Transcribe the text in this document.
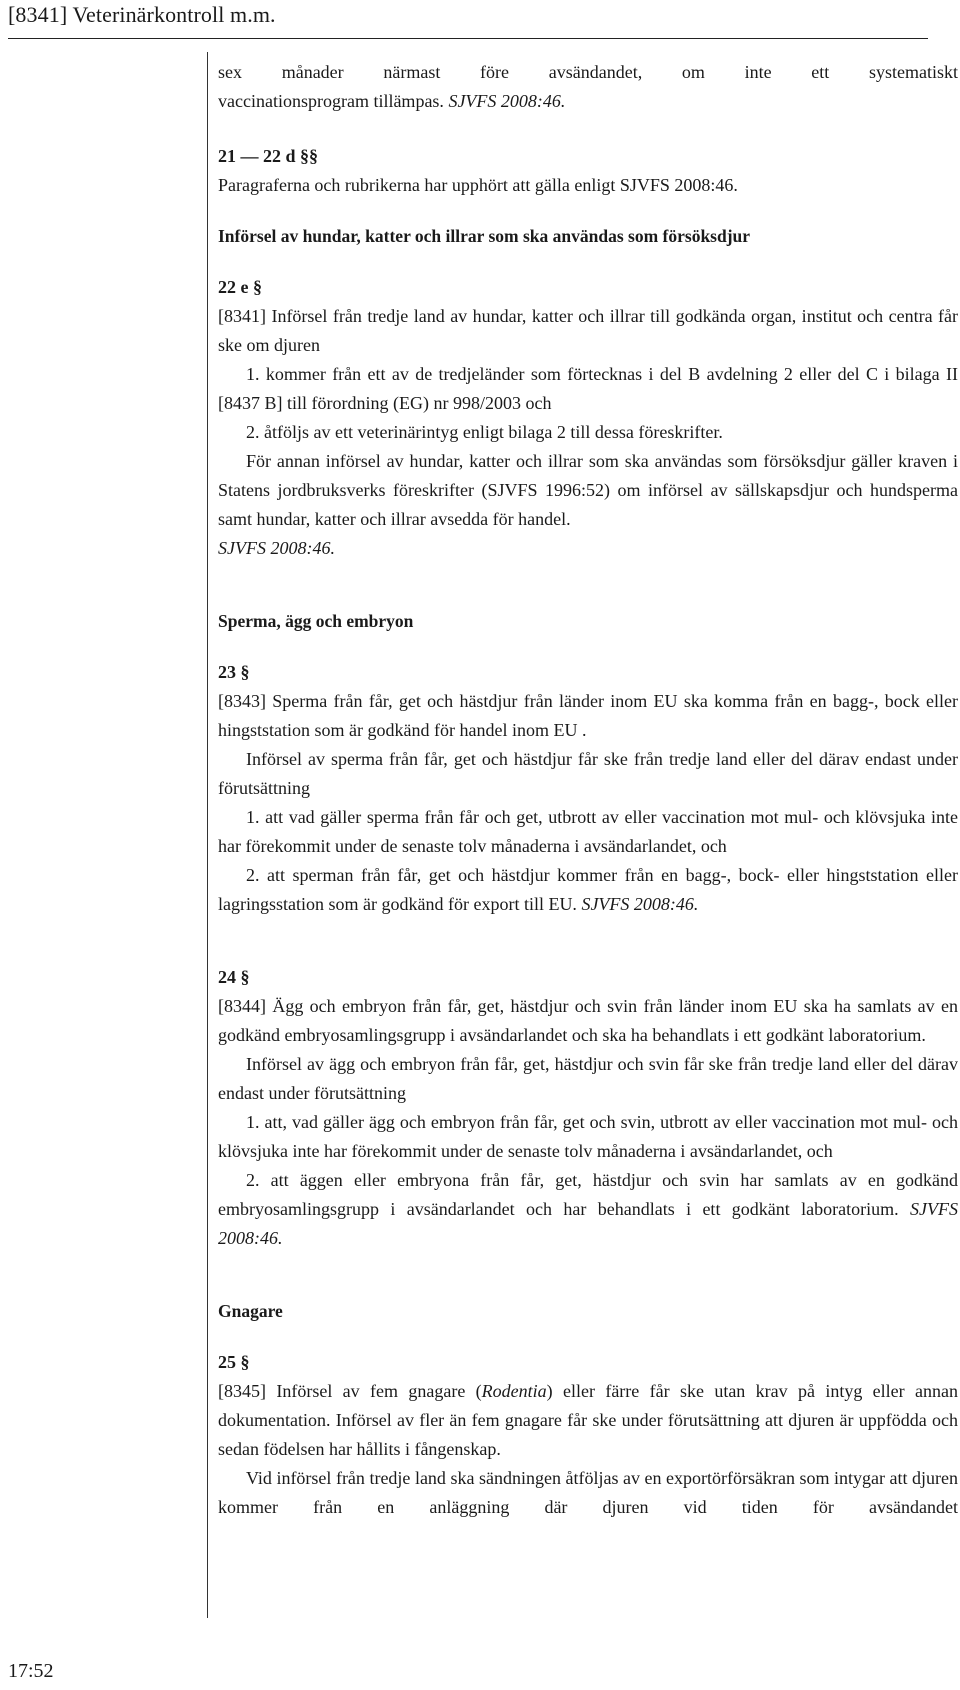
[8341] Veterinärkontroll m.m.

sex månader närmast före avsändandet, om inte ett systematiskt

vaccinationsprogram tillämpas. SJVFS 2008:46.

21 — 22 d §§

Paragraferna och rubrikerna har upphört att gälla enligt SJVFS 2008:46.

Införsel av hundar, katter och illrar som ska användas som försöksdjur

22 e §

[8341] Införsel från tredje land av hundar, katter och illrar till godkända organ, institut och centra får ske om djuren

1. kommer från ett av de tredjeländer som förtecknas i del B avdelning 2 eller del C i bilaga II [8437 B] till förordning (EG) nr 998/2003 och

2. åtföljs av ett veterinärintyg enligt bilaga 2 till dessa föreskrifter.

För annan införsel av hundar, katter och illrar som ska användas som försöksdjur gäller kraven i Statens jordbruksverks föreskrifter (SJVFS 1996:52) om införsel av sällskapsdjur och hundsperma samt hundar, katter och illrar avsedda för handel.

SJVFS 2008:46.

Sperma, ägg och embryon

23 §

[8343] Sperma från får, get och hästdjur från länder inom EU ska komma från en bagg-, bock eller hingststation som är godkänd för handel inom EU .

Införsel av sperma från får, get och hästdjur får ske från tredje land eller del därav endast under förutsättning

1. att vad gäller sperma från får och get, utbrott av eller vaccination mot mul- och klövsjuka inte har förekommit under de senaste tolv månaderna i avsändarlandet, och

2. att sperman från får, get och hästdjur kommer från en bagg-, bock- eller hingststation eller lagringsstation som är godkänd för export till EU. SJVFS 2008:46.

24 §

[8344] Ägg och embryon från får, get, hästdjur och svin från länder inom EU ska ha samlats av en godkänd embryosamlingsgrupp i avsändarlandet och ska ha behandlats i ett godkänt laboratorium.

Införsel av ägg och embryon från får, get, hästdjur och svin får ske från tredje land eller del därav endast under förutsättning

1. att, vad gäller ägg och embryon från får, get och svin, utbrott av eller vaccination mot mul- och klövsjuka inte har förekommit under de senaste tolv månaderna i avsändarlandet, och

2. att äggen eller embryona från får, get, hästdjur och svin har samlats av en godkänd embryosamlingsgrupp i avsändarlandet och har behandlats i ett godkänt laboratorium. SJVFS 2008:46.

Gnagare

25 §

[8345] Införsel av fem gnagare (Rodentia) eller färre får ske utan krav på intyg eller annan dokumentation. Införsel av fler än fem gnagare får ske under förutsättning att djuren är uppfödda och sedan födelsen har hållits i fångenskap.

Vid införsel från tredje land ska sändningen åtföljas av en exportörförsäkran som intygar att djuren kommer från en anläggning där djuren vid tiden för avsändandet

17:52
